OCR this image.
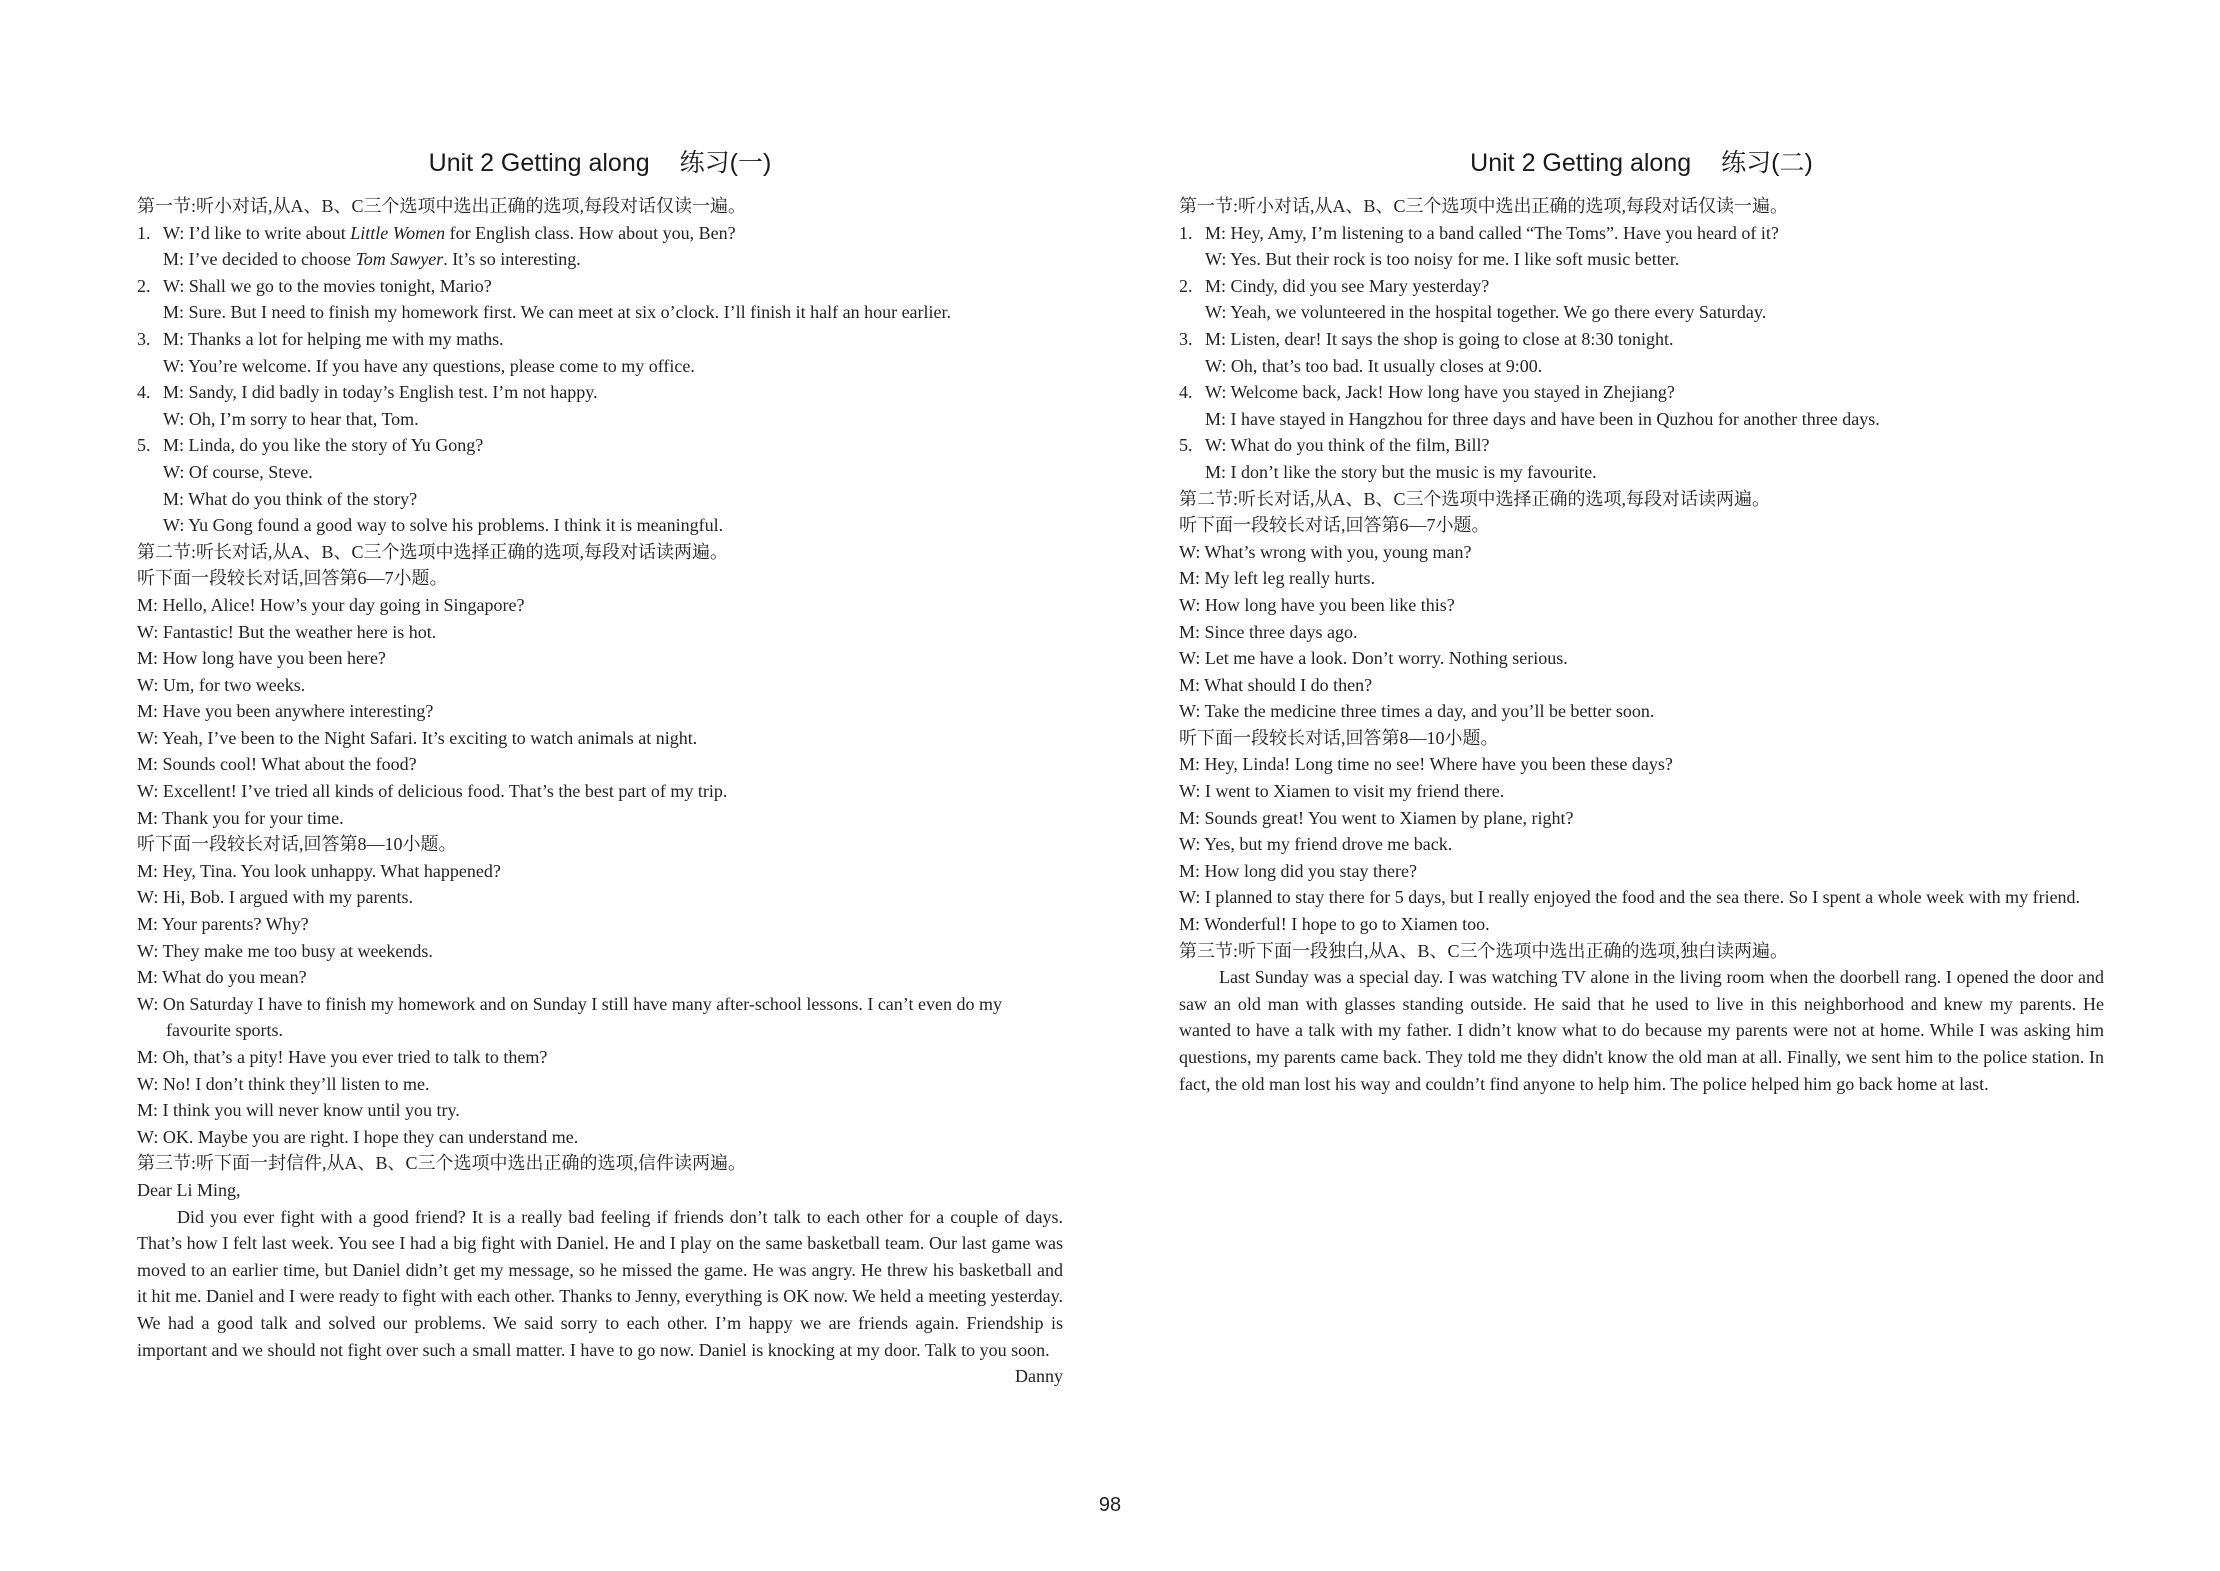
Unit 2 Getting along 练习(一)
第一节:听小对话,从A、B、C三个选项中选出正确的选项,每段对话仅读一遍。
1. W: I’d like to write about Little Women for English class. How about you, Ben?
M: I’ve decided to choose Tom Sawyer. It’s so interesting.
2. W: Shall we go to the movies tonight, Mario?
M: Sure. But I need to finish my homework first. We can meet at six o’clock. I’ll finish it half an hour earlier.
3. M: Thanks a lot for helping me with my maths.
W: You’re welcome. If you have any questions, please come to my office.
4. M: Sandy, I did badly in today’s English test. I’m not happy.
W: Oh, I’m sorry to hear that, Tom.
5. M: Linda, do you like the story of Yu Gong?
W: Of course, Steve.
M: What do you think of the story?
W: Yu Gong found a good way to solve his problems. I think it is meaningful.
第二节:听长对话,从A、B、C三个选项中选择正确的选项,每段对话读两遍。
听下面一段较长对话,回答第6—7小题。
M: Hello, Alice! How’s your day going in Singapore?
W: Fantastic! But the weather here is hot.
M: How long have you been here?
W: Um, for two weeks.
M: Have you been anywhere interesting?
W: Yeah, I’ve been to the Night Safari. It’s exciting to watch animals at night.
M: Sounds cool! What about the food?
W: Excellent! I’ve tried all kinds of delicious food. That’s the best part of my trip.
M: Thank you for your time.
听下面一段较长对话,回答第8—10小题。
M: Hey, Tina. You look unhappy. What happened?
W: Hi, Bob. I argued with my parents.
M: Your parents? Why?
W: They make me too busy at weekends.
M: What do you mean?
W: On Saturday I have to finish my homework and on Sunday I still have many after-school lessons. I can’t even do my favourite sports.
M: Oh, that’s a pity! Have you ever tried to talk to them?
W: No! I don’t think they’ll listen to me.
M: I think you will never know until you try.
W: OK. Maybe you are right. I hope they can understand me.
第三节:听下面一封信件,从A、B、C三个选项中选出正确的选项,信件读两遍。
Dear Li Ming,
Did you ever fight with a good friend? It is a really bad feeling if friends don’t talk to each other for a couple of days. That’s how I felt last week. You see I had a big fight with Daniel. He and I play on the same basketball team. Our last game was moved to an earlier time, but Daniel didn’t get my message, so he missed the game. He was angry. He threw his basketball and it hit me. Daniel and I were ready to fight with each other. Thanks to Jenny, everything is OK now. We held a meeting yesterday. We had a good talk and solved our problems. We said sorry to each other. I’m happy we are friends again. Friendship is important and we should not fight over such a small matter. I have to go now. Daniel is knocking at my door. Talk to you soon.
Danny
Unit 2 Getting along 练习(二)
第一节:听小对话,从A、B、C三个选项中选出正确的选项,每段对话仅读一遍。
1. M: Hey, Amy, I’m listening to a band called “The Toms”. Have you heard of it?
W: Yes. But their rock is too noisy for me. I like soft music better.
2. M: Cindy, did you see Mary yesterday?
W: Yeah, we volunteered in the hospital together. We go there every Saturday.
3. M: Listen, dear! It says the shop is going to close at 8:30 tonight.
W: Oh, that’s too bad. It usually closes at 9:00.
4. W: Welcome back, Jack! How long have you stayed in Zhejiang?
M: I have stayed in Hangzhou for three days and have been in Quzhou for another three days.
5. W: What do you think of the film, Bill?
M: I don’t like the story but the music is my favourite.
第二节:听长对话,从A、B、C三个选项中选择正确的选项,每段对话读两遍。
听下面一段较长对话,回答第6—7小题。
W: What’s wrong with you, young man?
M: My left leg really hurts.
W: How long have you been like this?
M: Since three days ago.
W: Let me have a look. Don’t worry. Nothing serious.
M: What should I do then?
W: Take the medicine three times a day, and you’ll be better soon.
听下面一段较长对话,回答第8—10小题。
M: Hey, Linda! Long time no see! Where have you been these days?
W: I went to Xiamen to visit my friend there.
M: Sounds great! You went to Xiamen by plane, right?
W: Yes, but my friend drove me back.
M: How long did you stay there?
W: I planned to stay there for 5 days, but I really enjoyed the food and the sea there. So I spent a whole week with my friend.
M: Wonderful! I hope to go to Xiamen too.
第三节:听下面一段独白,从A、B、C三个选项中选出正确的选项,独白读两遍。
Last Sunday was a special day. I was watching TV alone in the living room when the doorbell rang. I opened the door and saw an old man with glasses standing outside. He said that he used to live in this neighborhood and knew my parents. He wanted to have a talk with my father. I didn’t know what to do because my parents were not at home. While I was asking him questions, my parents came back. They told me they didn't know the old man at all. Finally, we sent him to the police station. In fact, the old man lost his way and couldn’t find anyone to help him. The police helped him go back home at last.
98
